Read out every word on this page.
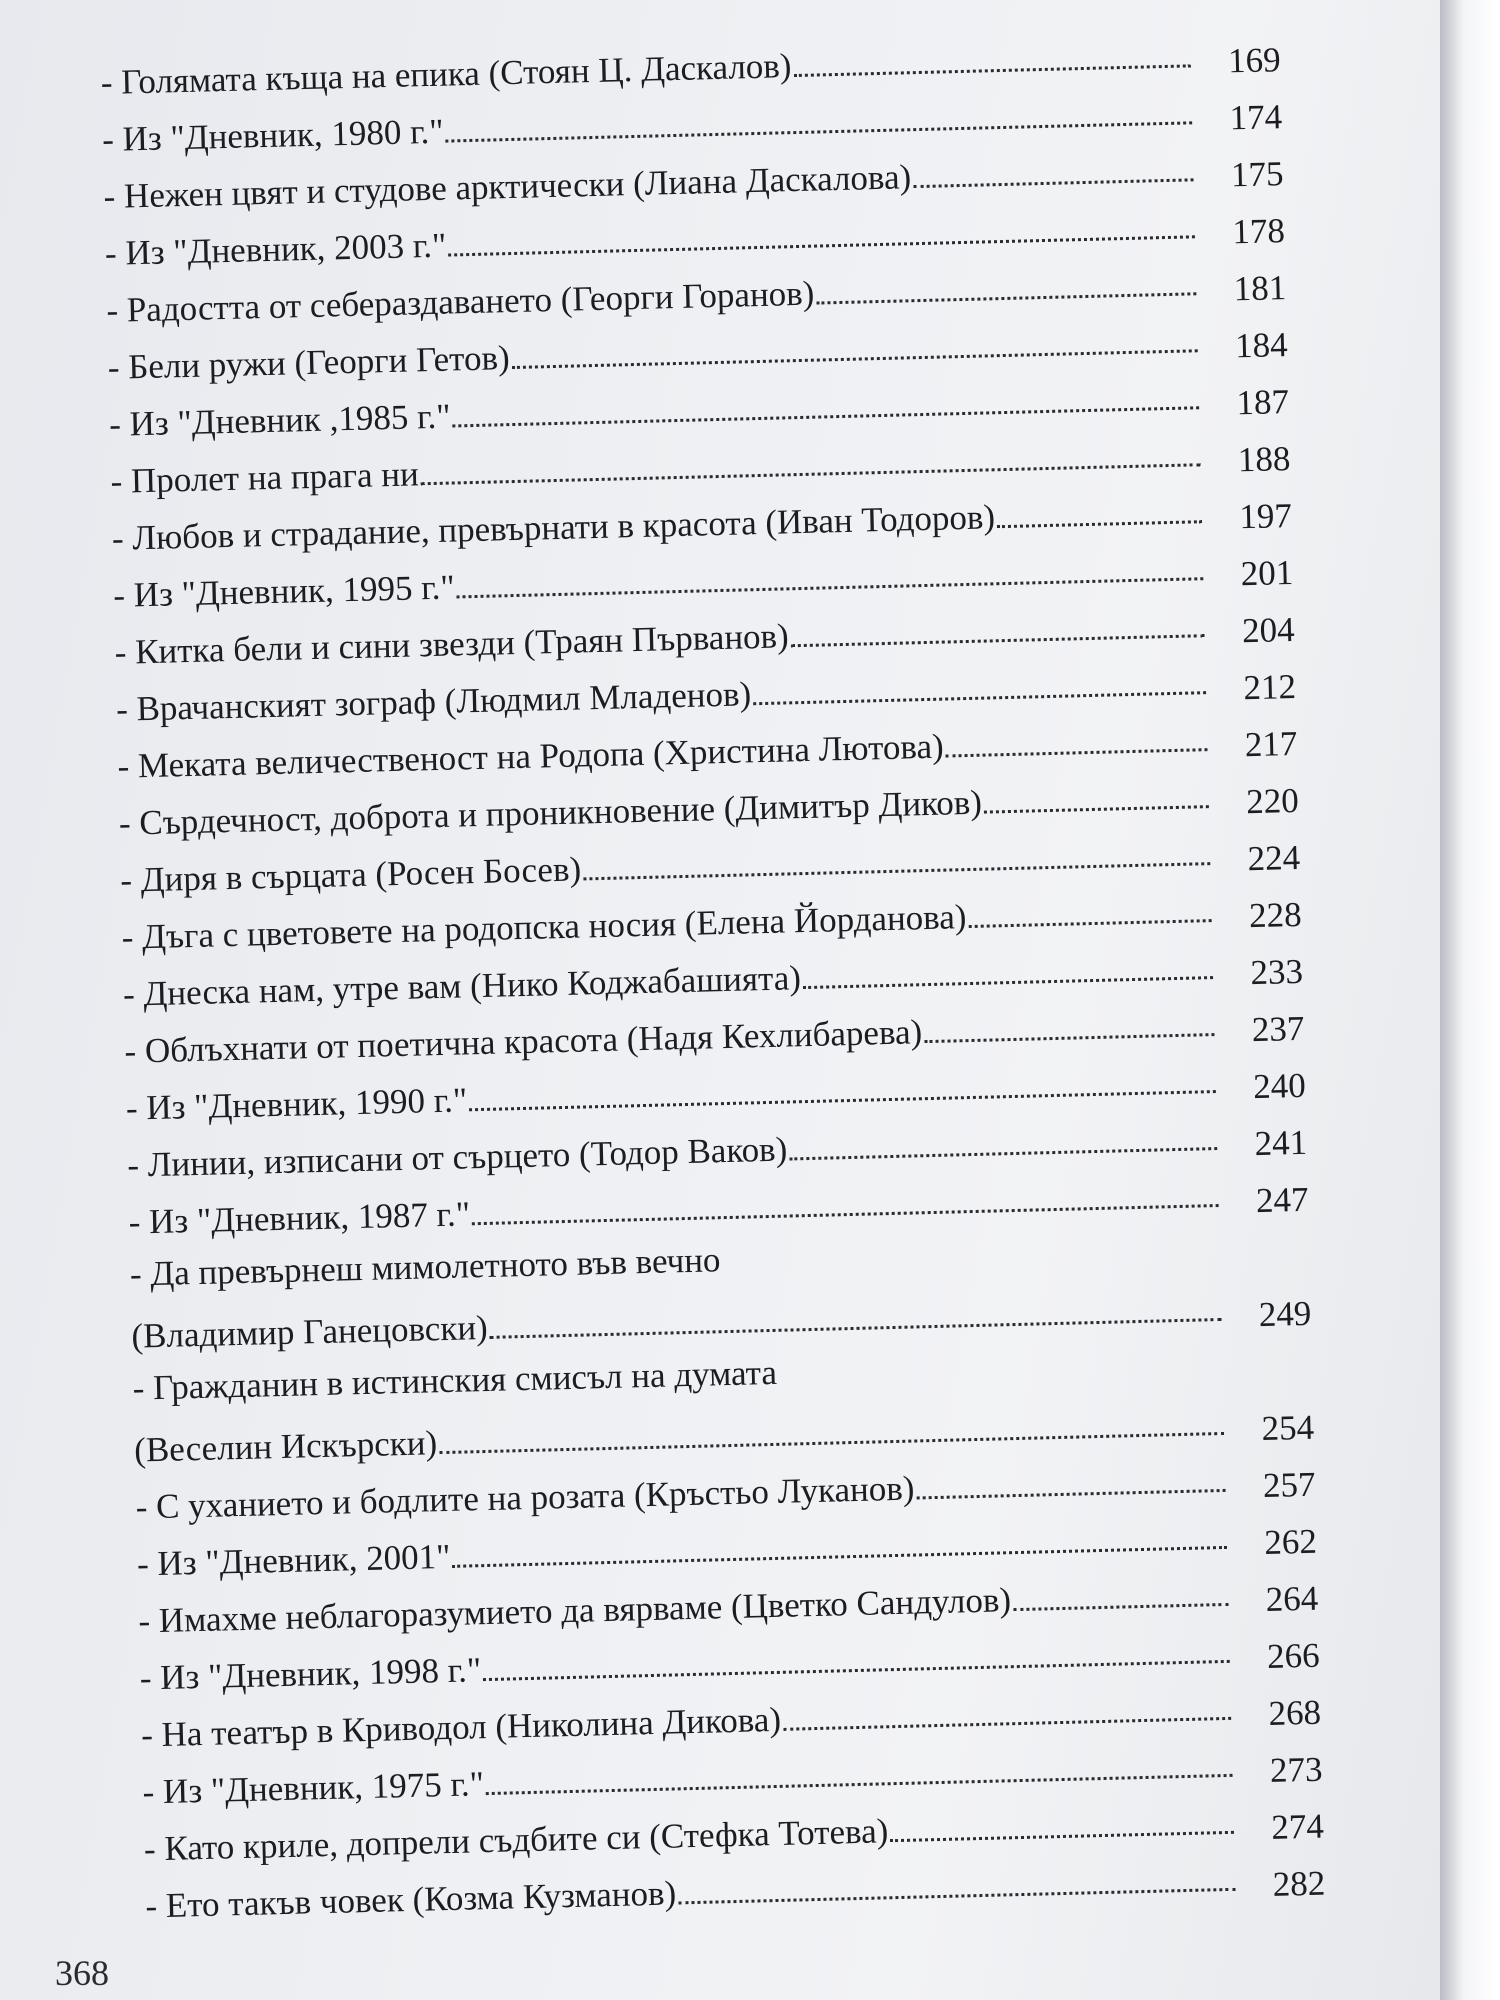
- Голямата къща на епика (Стоян Ц. Даскалов)	169
- Из "Дневник, 1980 г."	174
- Нежен цвят и студове арктически (Лиана Даскалова)	175
- Из "Дневник, 2003 г."	178
- Радостта от себераздаването (Георги Горанов)	181
- Бели ружи (Георги Гетов)	184
- Из "Дневник ,1985 г."	187
- Пролет на прага ни	188
- Любов и страдание, превърнати в красота (Иван Тодоров)	197
- Из "Дневник, 1995 г."	201
- Китка бели и сини звезди (Траян Първанов)	204
- Врачанският зограф (Людмил Младенов)	212
- Меката величественост на Родопа (Христина Лютова)	217
- Сърдечност, доброта и проникновение (Димитър Диков)	220
- Диря в сърцата (Росен Босев)	224
- Дъга с цветовете на родопска носия (Елена Йорданова)	228
- Днеска нам, утре вам (Нико Коджабашията)	233
- Облъхнати от поетична красота (Надя Кехлибарева)	237
- Из "Дневник, 1990 г."	240
- Линии, изписани от сърцето (Тодор Ваков)	241
- Из "Дневник, 1987 г."	247
- Да превърнеш мимолетното във вечно
(Владимир Ганецовски)	249
- Гражданин в истинския смисъл на думата
(Веселин Искърски)	254
- С уханието и бодлите на розата (Кръстьо Луканов)	257
- Из "Дневник, 2001"	262
- Имахме неблагоразумието да вярваме (Цветко Сандулов)	264
- Из "Дневник, 1998 г."	266
- На театър в Криводол (Николина Дикова)	268
- Из "Дневник, 1975 г."	273
- Като криле, допрели съдбите си (Стефка Тотева)	274
- Ето такъв човек (Козма Кузманов)	282
368
